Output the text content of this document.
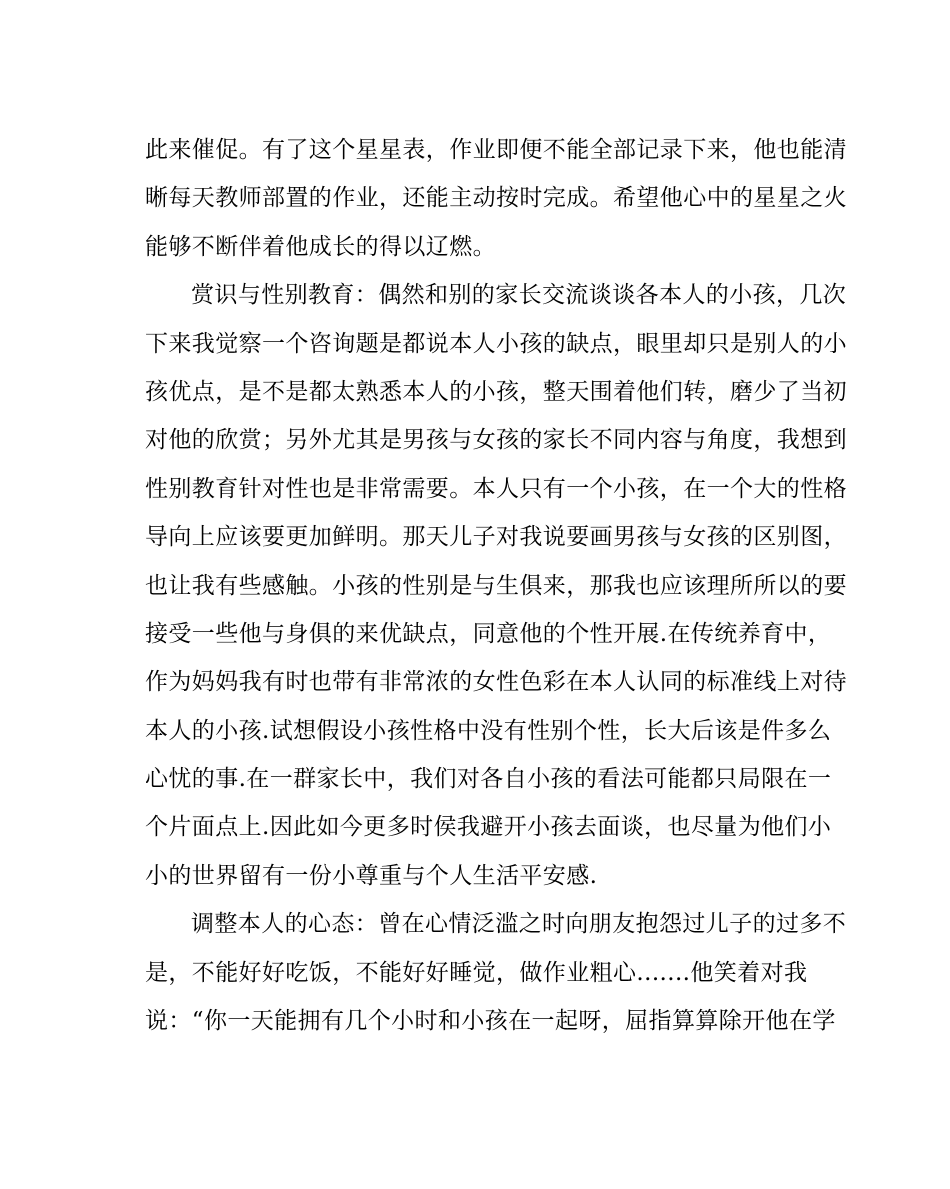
此来催促。有了这个星星表，作业即便不能全部记录下来，他也能清
晰每天教师部置的作业，还能主动按时完成。希望他心中的星星之火
能够不断伴着他成长的得以辽燃。
赏识与性别教育：偶然和别的家长交流谈谈各本人的小孩，几次
下来我觉察一个咨询题是都说本人小孩的缺点，眼里却只是别人的小
孩优点，是不是都太熟悉本人的小孩，整天围着他们转，磨少了当初
对他的欣赏；另外尤其是男孩与女孩的家长不同内容与角度，我想到
性别教育针对性也是非常需要。本人只有一个小孩，在一个大的性格
导向上应该要更加鲜明。那天儿子对我说要画男孩与女孩的区别图，
也让我有些感触。小孩的性别是与生俱来，那我也应该理所所以的要
接受一些他与身俱的来优缺点，同意他的个性开展.在传统养育中，
作为妈妈我有时也带有非常浓的女性色彩在本人认同的标准线上对待
本人的小孩.试想假设小孩性格中没有性别个性，长大后该是件多么
心忧的事.在一群家长中，我们对各自小孩的看法可能都只局限在一
个片面点上.因此如今更多时侯我避开小孩去面谈，也尽量为他们小
小的世界留有一份小尊重与个人生活平安感.
调整本人的心态：曾在心情泛滥之时向朋友抱怨过儿子的过多不
是，不能好好吃饭，不能好好睡觉，做作业粗心.......他笑着对我
说：“你一天能拥有几个小时和小孩在一起呀，屈指算算除开他在学
